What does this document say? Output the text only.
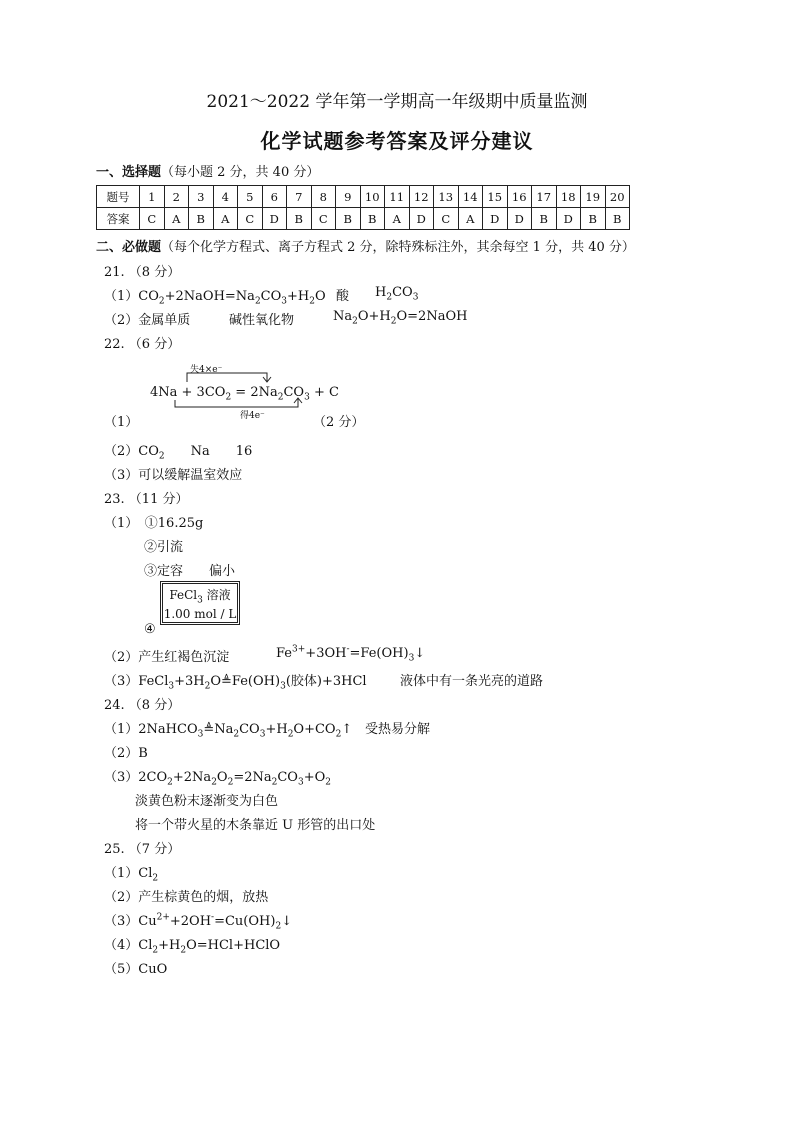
2021～2022 学年第一学期高一年级期中质量监测
化学试题参考答案及评分建议
一、选择题（每小题 2 分，共 40 分）
题号	1	2	3	4	5	6	7	8	9	10	11	12	13	14	15	16	17	18	19	20
答案	C	A	B	A	C	D	B	C	B	B	A	D	C	A	D	D	B	D	B	B
二、必做题（每个化学方程式、离子方程式 2 分，除特殊标注外，其余每空 1 分，共 40 分）
21. （8 分）
$(1)CO_2+2NaOH=Na_2CO_3+H_2O$ 酸 $H_2CO_3$
（2）金属单质	碱性氧化物	$Na_2O+H_2O=2NaOH$
22. （6 分）
失4×e⁻
$4Na + 3CO_2 = 2Na_2CO_3 + C$
得4e⁻
（1）	（2 分）
$(2)CO_2$　　Na　　16
（3）可以缓解温室效应
23. （11 分）
（1）　①16.25g
②引流
③定容　　偏小
FeCl$_3$ 溶液
1.00 mol / L
④
（2）产生红褐色沉淀	$Fe^{3+}+3OH^-=Fe(OH)_3↓$
$(3)FeCl_3+3H_2O≜Fe(OH)_3$(胶体)+3HCl	液体中有一条光亮的道路
24. （8 分）
$(1)2NaHCO_3≜Na_2CO_3+H_2O+CO_2↑$ 受热易分解
（2）B
$(3)2CO_2+2Na_2O_2=2Na_2CO_3+O_2$
淡黄色粉末逐渐变为白色
将一个带火星的木条靠近 U 形管的出口处
25. （7 分）
$(1)Cl_2$
（2）产生棕黄色的烟，放热
$(3)Cu^{2+}+2OH^-=Cu(OH)_2↓$
$(4)Cl_2+H_2O=HCl+HClO$
（5）CuO
